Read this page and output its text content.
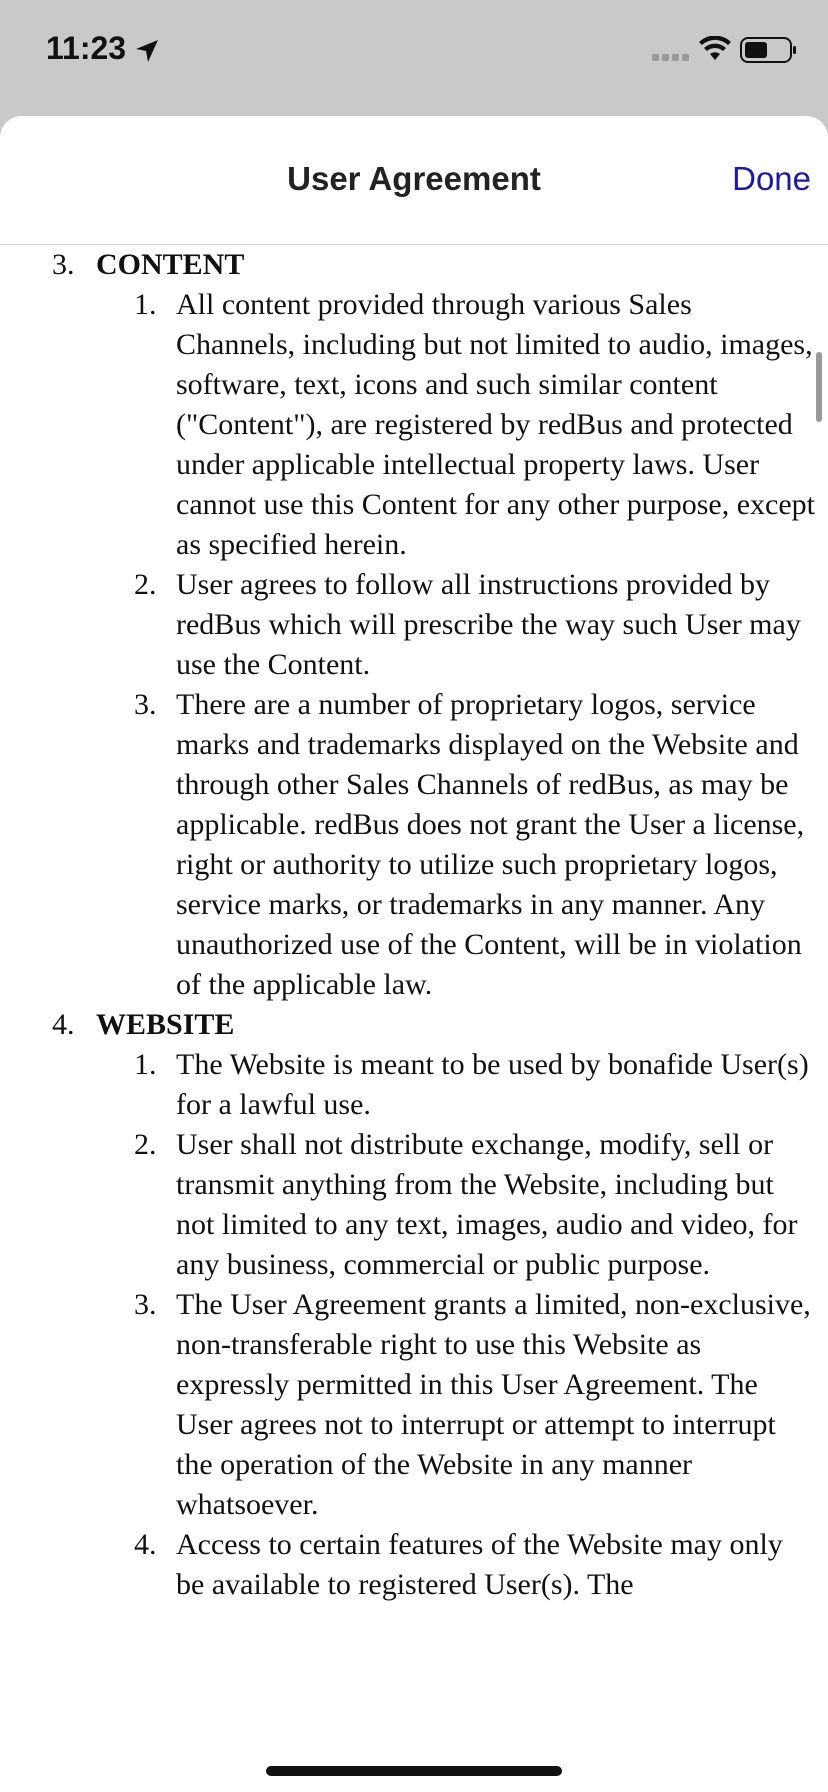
11:23
User Agreement	Done
3. CONTENT
1. All content provided through various Sales Channels, including but not limited to audio, images, software, text, icons and such similar content ("Content"), are registered by redBus and protected under applicable intellectual property laws. User cannot use this Content for any other purpose, except as specified herein.
2. User agrees to follow all instructions provided by redBus which will prescribe the way such User may use the Content.
3. There are a number of proprietary logos, service marks and trademarks displayed on the Website and through other Sales Channels of redBus, as may be applicable. redBus does not grant the User a license, right or authority to utilize such proprietary logos, service marks, or trademarks in any manner. Any unauthorized use of the Content, will be in violation of the applicable law.
4. WEBSITE
1. The Website is meant to be used by bonafide User(s) for a lawful use.
2. User shall not distribute exchange, modify, sell or transmit anything from the Website, including but not limited to any text, images, audio and video, for any business, commercial or public purpose.
3. The User Agreement grants a limited, non-exclusive, non-transferable right to use this Website as expressly permitted in this User Agreement. The User agrees not to interrupt or attempt to interrupt the operation of the Website in any manner whatsoever.
4. Access to certain features of the Website may only be available to registered User(s). The
